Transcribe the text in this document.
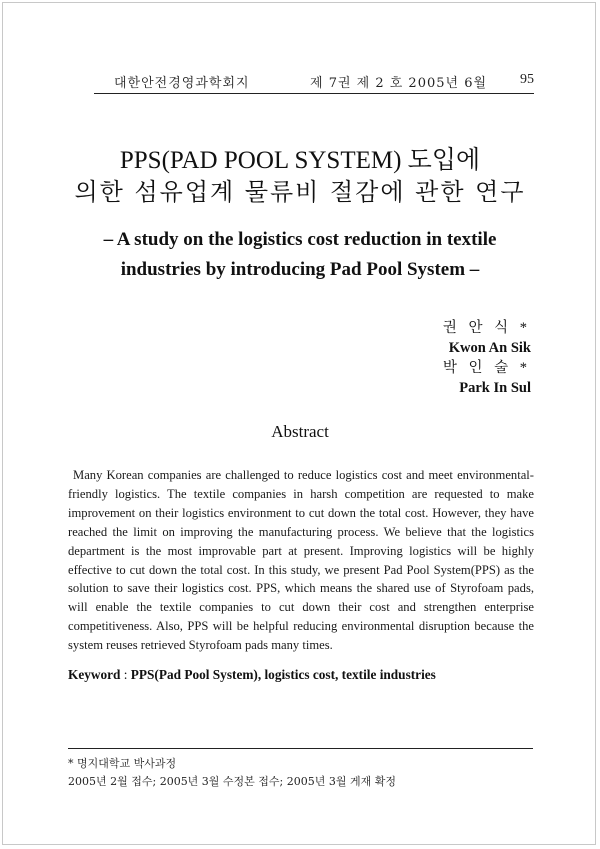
대한안전경영과학회지	제 7권 제 2 호 2005년 6월 95
PPS(PAD POOL SYSTEM) 도입에
의한 섬유업계 물류비 절감에 관한 연구
– A study on the logistics cost reduction in textile
industries by introducing Pad Pool System –
권 안 식 *
Kwon An Sik
박 인 술 *
Park In Sul
Abstract

Many Korean companies are challenged to reduce logistics cost and meet environmental-friendly logistics. The textile companies in harsh competition are requested to make improvement on their logistics environment to cut down the total cost. However, they have reached the limit on improving the manufacturing process. We believe that the logistics department is the most improvable part at present. Improving logistics will be highly effective to cut down the total cost. In this study, we present Pad Pool System(PPS) as the solution to save their logistics cost. PPS, which means the shared use of Styrofoam pads, will enable the textile companies to cut down their cost and strengthen enterprise competitiveness. Also, PPS will be helpful reducing environmental disruption because the system reuses retrieved Styrofoam pads many times.

Keyword : PPS(Pad Pool System), logistics cost, textile industries
* 명지대학교 박사과정
2005년 2월 접수; 2005년 3월 수정본 접수; 2005년 3월 게재 확정
